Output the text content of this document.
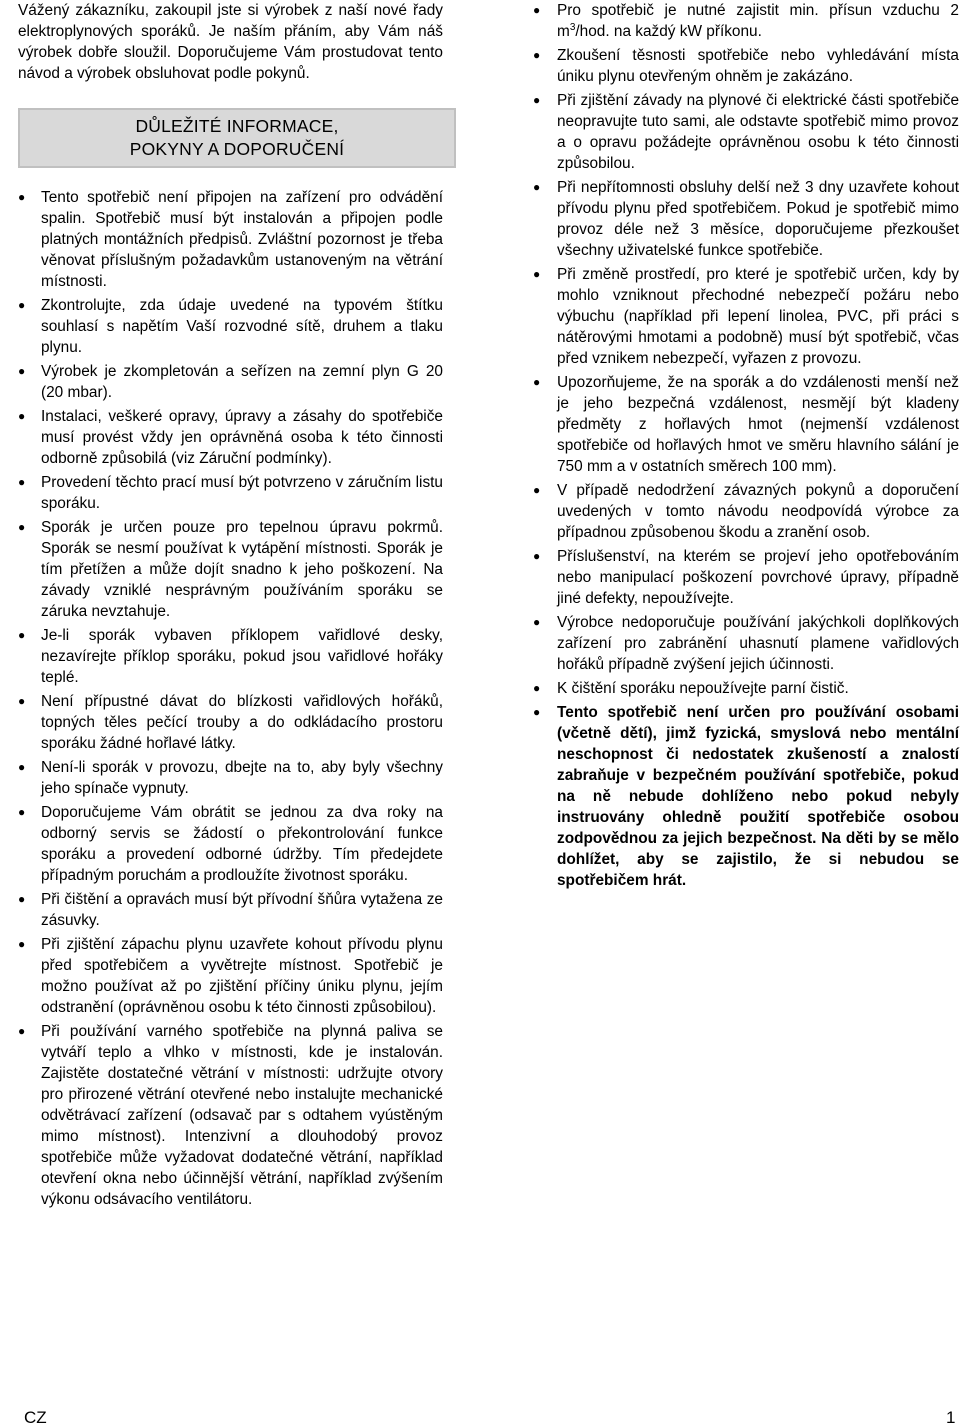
Vážený zákazníku, zakoupil jste si výrobek z naší nové řady elektroplynových sporáků. Je naším přáním, aby Vám náš výrobek dobře sloužil. Doporučujeme Vám prostudovat tento návod a výrobek obsluhovat podle pokynů.

DŮLEŽITÉ INFORMACE,
POKYNY A DOPORUČENÍ
●	Tento spotřebič není připojen na zařízení pro odvádění spalin. Spotřebič musí být instalován a připojen podle platných montážních předpisů. Zvláštní pozornost je třeba věnovat příslušným požadavkům ustanoveným na větrání místnosti.
●	Zkontrolujte, zda údaje uvedené na typovém štítku souhlasí s napětím Vaší rozvodné sítě, druhem a tlaku plynu.
●	Výrobek je zkompletován a seřízen na zemní plyn G 20 (20 mbar).
●	Instalaci, veškeré opravy, úpravy a zásahy do spotřebiče musí provést vždy jen oprávněná osoba k této činnosti odborně způsobilá (viz Záruční podmínky).
●	Provedení těchto prací musí být potvrzeno v záručním listu sporáku.
●	Sporák je určen pouze pro tepelnou úpravu pokrmů. Sporák se nesmí používat k vytápění místnosti. Sporák je tím přetížen a může dojít snadno k jeho poškození. Na závady vzniklé nesprávným používáním sporáku se záruka nevztahuje.
●	Je-li sporák vybaven příklopem vařidlové desky, nezavírejte příklop sporáku, pokud jsou vařidlové hořáky teplé.
●	Není přípustné dávat do blízkosti vařidlových hořáků, topných těles pečící trouby a do odkládacího prostoru sporáku žádné hořlavé látky.
●	Není-li sporák v provozu, dbejte na to, aby byly všechny jeho spínače vypnuty.
●	Doporučujeme Vám obrátit se jednou za dva roky na odborný servis se žádostí o překontrolování funkce sporáku a provedení odborné údržby. Tím předejdete případným poruchám a prodloužíte životnost sporáku.
●	Při čištění a opravách musí být přívodní šňůra vytažena ze zásuvky.
●	Při zjištění zápachu plynu uzavřete kohout přívodu plynu před spotřebičem a vyvětrejte místnost. Spotřebič je možno používat až po zjištění příčiny úniku plynu, jejím odstranění (oprávněnou osobu k této činnosti způsobilou).
●	Při používání varného spotřebiče na plynná paliva se vytváří teplo a vlhko v místnosti, kde je instalován. Zajistěte dostatečné větrání v místnosti: udržujte otvory pro přirozené větrání otevřené nebo instalujte mechanické odvětrávací zařízení (odsavač par s odtahem vyústěným mimo místnost). Intenzivní a dlouhodobý provoz spotřebiče může vyžadovat dodatečné větrání, například otevření okna nebo účinnější větrání, například zvýšením výkonu odsávacího ventilátoru.
●	Pro spotřebič je nutné zajistit min. přísun vzduchu 2 $m^3$/hod. na každý kW příkonu.
●	Zkoušení těsnosti spotřebiče nebo vyhledávání místa úniku plynu otevřeným ohněm je zakázáno.
●	Při zjištění závady na plynové či elektrické části spotřebiče neopravujte tuto sami, ale odstavte spotřebič mimo provoz a o opravu požádejte oprávněnou osobu k této činnosti způsobilou.
●	Při nepřítomnosti obsluhy delší než 3 dny uzavřete kohout přívodu plynu před spotřebičem. Pokud je spotřebič mimo provoz déle než 3 měsíce, doporučujeme přezkoušet všechny uživatelské funkce spotřebiče.
●	Při změně prostředí, pro které je spotřebič určen, kdy by mohlo vzniknout přechodné nebezpečí požáru nebo výbuchu (například při lepení linolea, PVC, při práci s nátěrovými hmotami a podobně) musí být spotřebič, včas před vznikem nebezpečí, vyřazen z provozu.
●	Upozorňujeme, že na sporák a do vzdálenosti menší než je jeho bezpečná vzdálenost, nesmějí být kladeny předměty z hořlavých hmot (nejmenší vzdálenost spotřebiče od hořlavých hmot ve směru hlavního sálání je 750 mm a v ostatních směrech 100 mm).
●	V případě nedodržení závazných pokynů a doporučení uvedených v tomto návodu neodpovídá výrobce za případnou způsobenou škodu a zranění osob.
●	Příslušenství, na kterém se projeví jeho opotřebováním nebo manipulací poškození povrchové úpravy, případně jiné defekty, nepoužívejte.
●	Výrobce nedoporučuje používání jakýchkoli doplňkových zařízení pro zabránění uhasnutí plamene vařidlových hořáků případně zvýšení jejich účinnosti.
●	K čištění sporáku nepoužívejte parní čistič.
●	Tento spotřebič není určen pro používání osobami (včetně dětí), jimž fyzická, smyslová nebo mentální neschopnost či nedostatek zkušeností a znalostí zabraňuje v bezpečném používání spotřebiče, pokud na ně nebude dohlíženo nebo pokud nebyly instruovány ohledně použití spotřebiče osobou zodpovědnou za jejich bezpečnost. Na děti by se mělo dohlížet, aby se zajistilo, že si nebudou se spotřebičem hrát.
CZ	1
